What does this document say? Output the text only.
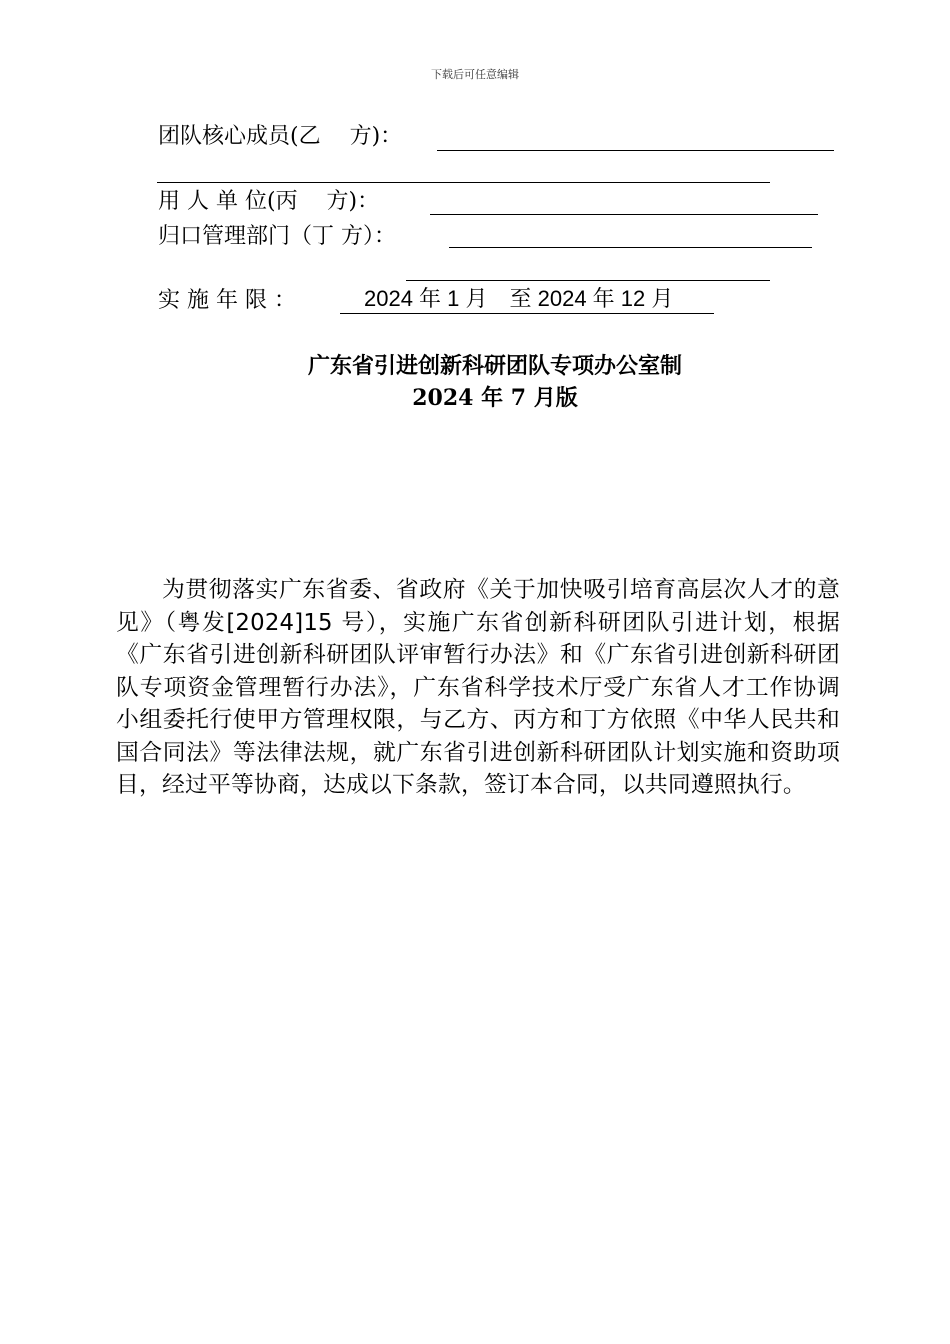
下载后可任意编辑
团队核心成员(乙　 方)：
用 人 单 位(丙　 方)：
归口管理部门（丁 方）：
实 施 年 限 ：	2024 年 1 月　至 2024 年 12 月
广东省引进创新科研团队专项办公室制
2024 年 7 月版

为贯彻落实广东省委、省政府《关于加快吸引培育高层次人才的意见》（粤发[2024]15 号），实施广东省创新科研团队引进计划，根据《广东省引进创新科研团队评审暂行办法》和《广东省引进创新科研团队专项资金管理暂行办法》，广东省科学技术厅受广东省人才工作协调小组委托行使甲方管理权限，与乙方、丙方和丁方依照《中华人民共和国合同法》等法律法规，就广东省引进创新科研团队计划实施和资助项目，经过平等协商，达成以下条款，签订本合同，以共同遵照执行。
